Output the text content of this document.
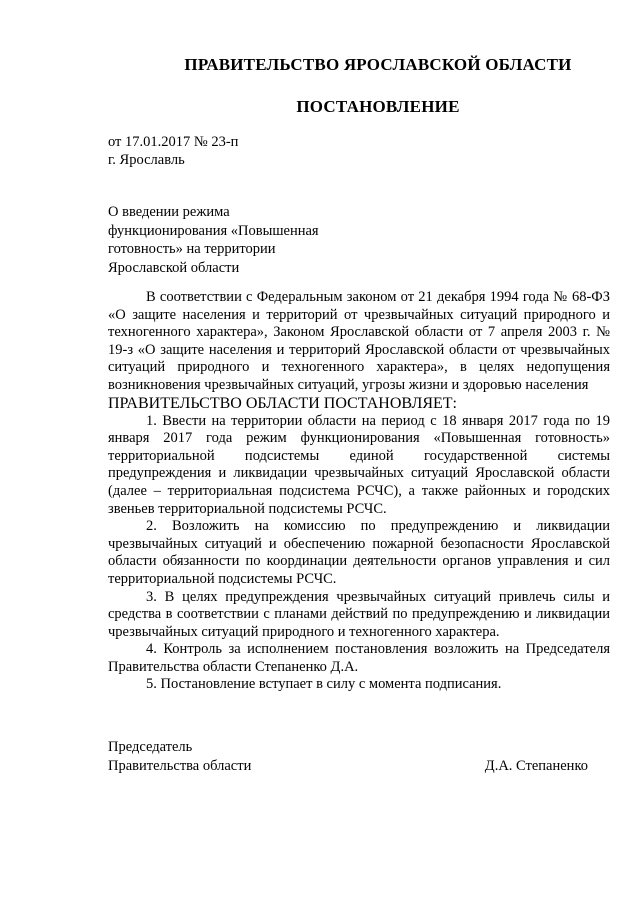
ПРАВИТЕЛЬСТВО ЯРОСЛАВСКОЙ ОБЛАСТИ
ПОСТАНОВЛЕНИЕ
от 17.01.2017 № 23-п
г. Ярославль
О введении режима
функционирования «Повышенная
готовность» на территории
Ярославской области

В соответствии с Федеральным законом от 21 декабря 1994 года № 68-ФЗ «О защите населения и территорий от чрезвычайных ситуаций природного и техногенного характера», Законом Ярославской области от 7 апреля 2003 г. № 19-з «О защите населения и территорий Ярославской области от чрезвычайных ситуаций природного и техногенного характера», в целях недопущения возникновения чрезвычайных ситуаций, угрозы жизни и здоровью населения

ПРАВИТЕЛЬСТВО ОБЛАСТИ ПОСТАНОВЛЯЕТ:

1. Ввести на территории области на период с 18 января 2017 года по 19 января 2017 года режим функционирования «Повышенная готовность» территориальной подсистемы единой государственной системы предупреждения и ликвидации чрезвычайных ситуаций Ярославской области (далее – территориальная подсистема РСЧС), а также районных и городских звеньев территориальной подсистемы РСЧС.

2. Возложить на комиссию по предупреждению и ликвидации чрезвычайных ситуаций и обеспечению пожарной безопасности Ярославской области обязанности по координации деятельности органов управления и сил территориальной подсистемы РСЧС.

3. В целях предупреждения чрезвычайных ситуаций привлечь силы и средства в соответствии с планами действий по предупреждению и ликвидации чрезвычайных ситуаций природного и техногенного характера.

4. Контроль за исполнением постановления возложить на Председателя Правительства области Степаненко Д.А.

5. Постановление вступает в силу с момента подписания.

Председатель
Правительства области	Д.А. Степаненко
